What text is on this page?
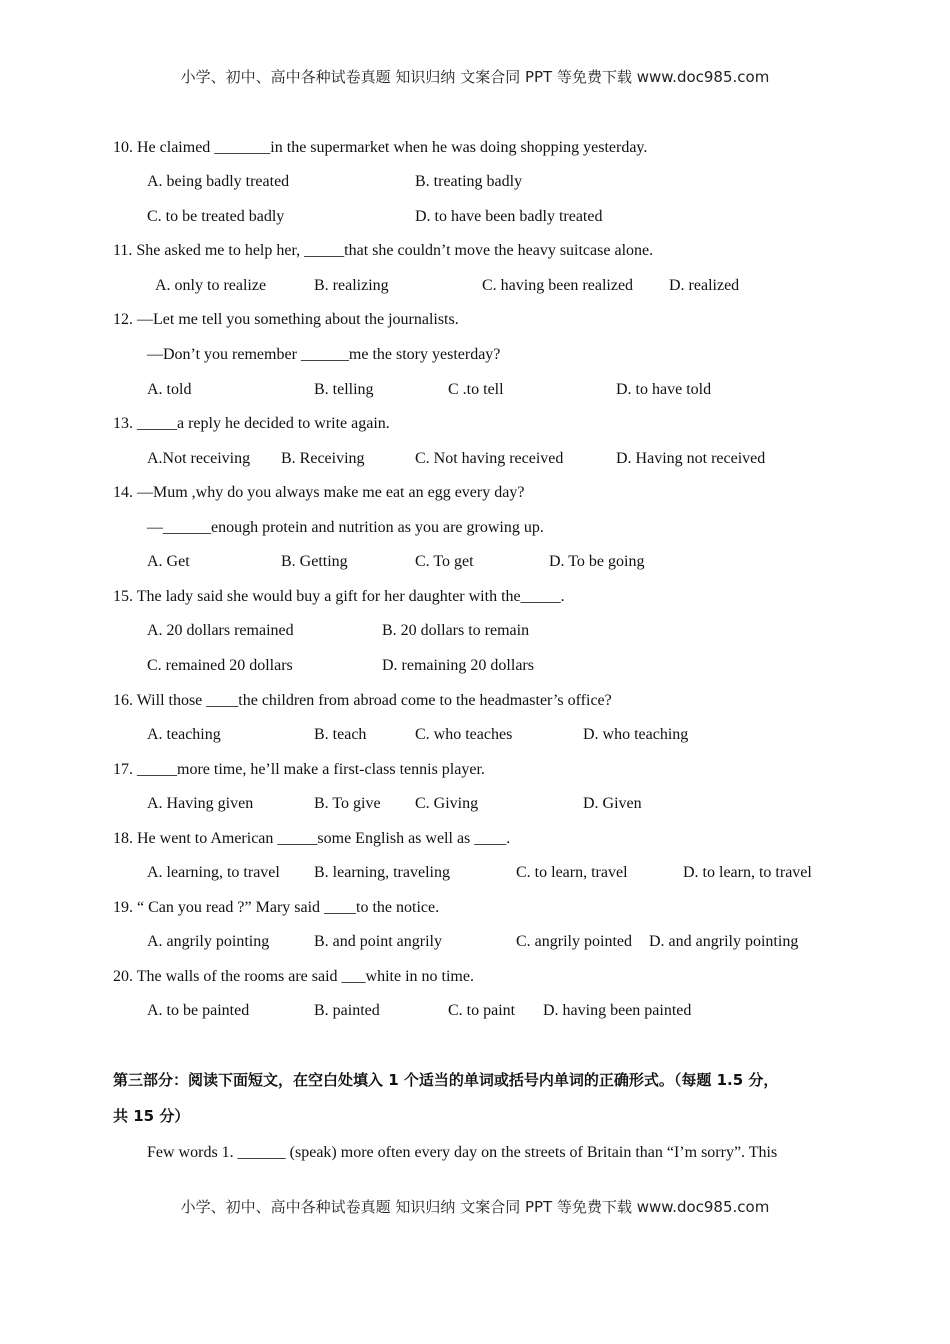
小学、初中、高中各种试卷真题 知识归纳 文案合同 PPT 等免费下载 www.doc985.com
10. He claimed _______in the supermarket when he was doing shopping yesterday.
A. being badly treated	B. treating badly
C. to be treated badly	D. to have been badly treated
11. She asked me to help her, _____that she couldn’t move the heavy suitcase alone.
A. only to realize	B. realizing	C. having been realized D. realized
12. —Let me tell you something about the journalists.
—Don’t you remember ______me the story yesterday?
A. told	B. telling	C .to tell	D. to have told
13. _____a reply he decided to write again.
A.Not receiving B. Receiving	C. Not having received	D. Having not received
14. —Mum ,why do you always make me eat an egg every day?
—______enough protein and nutrition as you are growing up.
A. Get	B. Getting	C. To get	D. To be going
15. The lady said she would buy a gift for her daughter with the_____.
A. 20 dollars remained	B. 20 dollars to remain
C. remained 20 dollars	D. remaining 20 dollars
16. Will those ____the children from abroad come to the headmaster’s office?
A. teaching	B. teach	C. who teaches	D. who teaching
17. _____more time, he’ll make a first-class tennis player.
A. Having given	B. To give C. Giving	D. Given
18. He went to American _____some English as well as ____.
A. learning, to travel B. learning, traveling	C. to learn, travel	D. to learn, to travel
19. “ Can you read ?” Mary said ____to the notice.
A. angrily pointing	B. and point angrily	C. angrily pointed D. and angrily pointing
20. The walls of the rooms are said ___white in no time.
A. to be painted	B. painted	C. to paint D. having been painted
第三部分：阅读下面短文，在空白处填入 1 个适当的单词或括号内单词的正确形式。（每题 1.5 分，
共 15 分）
Few words 1. ______ (speak) more often every day on the streets of Britain than “I’m sorry”. This
小学、初中、高中各种试卷真题 知识归纳 文案合同 PPT 等免费下载 www.doc985.com
